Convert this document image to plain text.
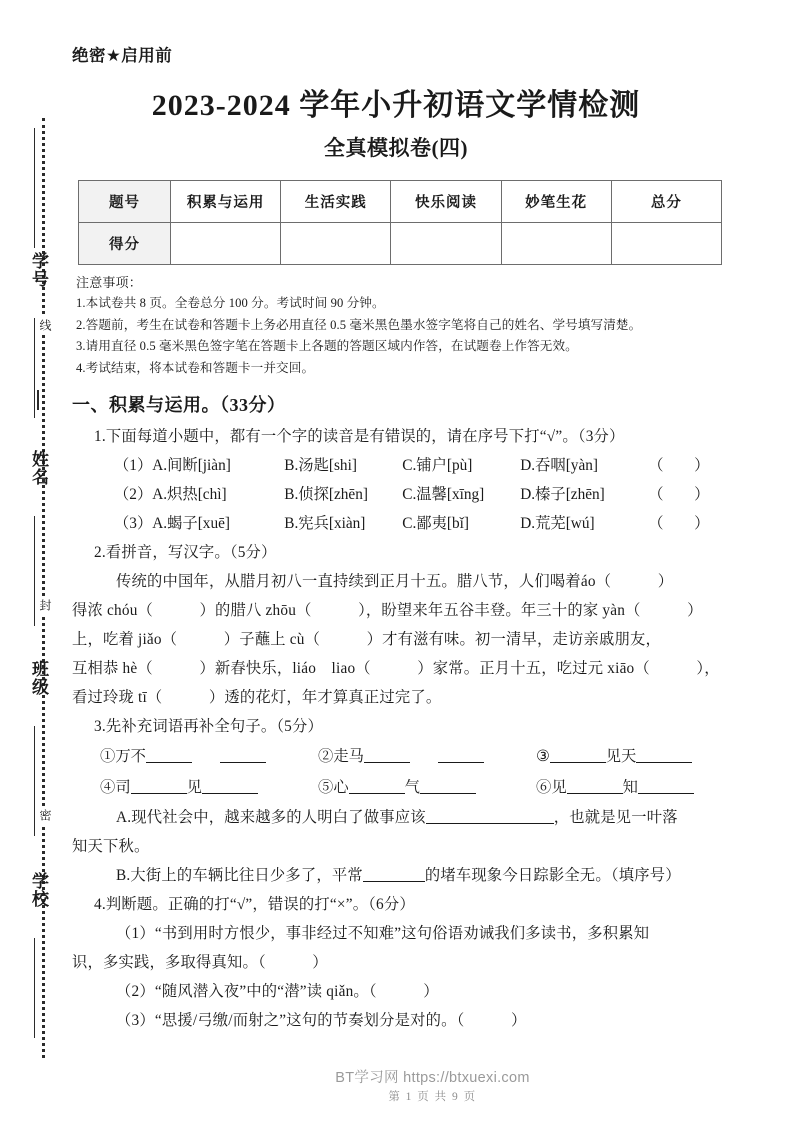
学号
线
姓名
封
班级
密
学校
绝密★启用前
2023-2024 学年小升初语文学情检测
全真模拟卷(四)
题号	积累与运用	生活实践	快乐阅读	妙笔生花	总分
得分					
注意事项：
1.本试卷共 8 页。全卷总分 100 分。考试时间 90 分钟。
2.答题前，考生在试卷和答题卡上务必用直径 0.5 毫米黑色墨水签字笔将自己的姓名、学号填写清楚。
3.请用直径 0.5 毫米黑色签字笔在答题卡上各题的答题区域内作答，在试题卷上作答无效。
4.考试结束，将本试卷和答题卡一并交回。
一、积累与运用。（33分）
1.下面每道小题中，都有一个字的读音是有错误的，请在序号下打“√”。（3分）
（1） A.间断[jiàn]	B.汤匙[shi]	C.铺户[pù]	D.吞咽[yàn]	（　　）
（2） A.炽热[chì]	B.侦探[zhēn]	C.温馨[xīng]	D.榛子[zhēn]	（　　）
（3） A.蝎子[xuē]	B.宪兵[xiàn]	C.鄙夷[bǐ]	D.荒芜[wú]	（　　）
2.看拼音，写汉字。（5分）
传统的中国年，从腊月初八一直持续到正月十五。腊八节，人们喝着áo（　　　）
得浓 chóu（　　　）的腊八 zhōu（　　　），盼望来年五谷丰登。年三十的家 yàn（　　　）
上，吃着 jiǎo（　　　）子蘸上 cù（　　　）才有滋有味。初一清早，走访亲戚朋友，
互相恭 hè（　　　）新春快乐，liáo　liao（　　　）家常。正月十五，吃过元 xiāo（　　　），
看过玲珑 tī（　　　）透的花灯，年才算真正过完了。
3.先补充词语再补全句子。（5分）
①万不	②走马	③	见天
④司	见	⑤心	气	⑥见	知
A.现代社会中，越来越多的人明白了做事应该	，也就是见一叶落
知天下秋。
B.大街上的车辆比往日少多了，平常	的堵车现象今日踪影全无。（填序号）
4.判断题。正确的打“√”，错误的打“×”。（6分）
（1）“书到用时方恨少，事非经过不知难”这句俗语劝诫我们多读书，多积累知
识，多实践，多取得真知。（　　　）
（2）“随风潜入夜”中的“潜”读 qiǎn。（　　　）
（3）“思援/弓缴/而射之”这句的节奏划分是对的。（　　　）
BT学习网 https://btxuexi.com
第 1 页 共 9 页
